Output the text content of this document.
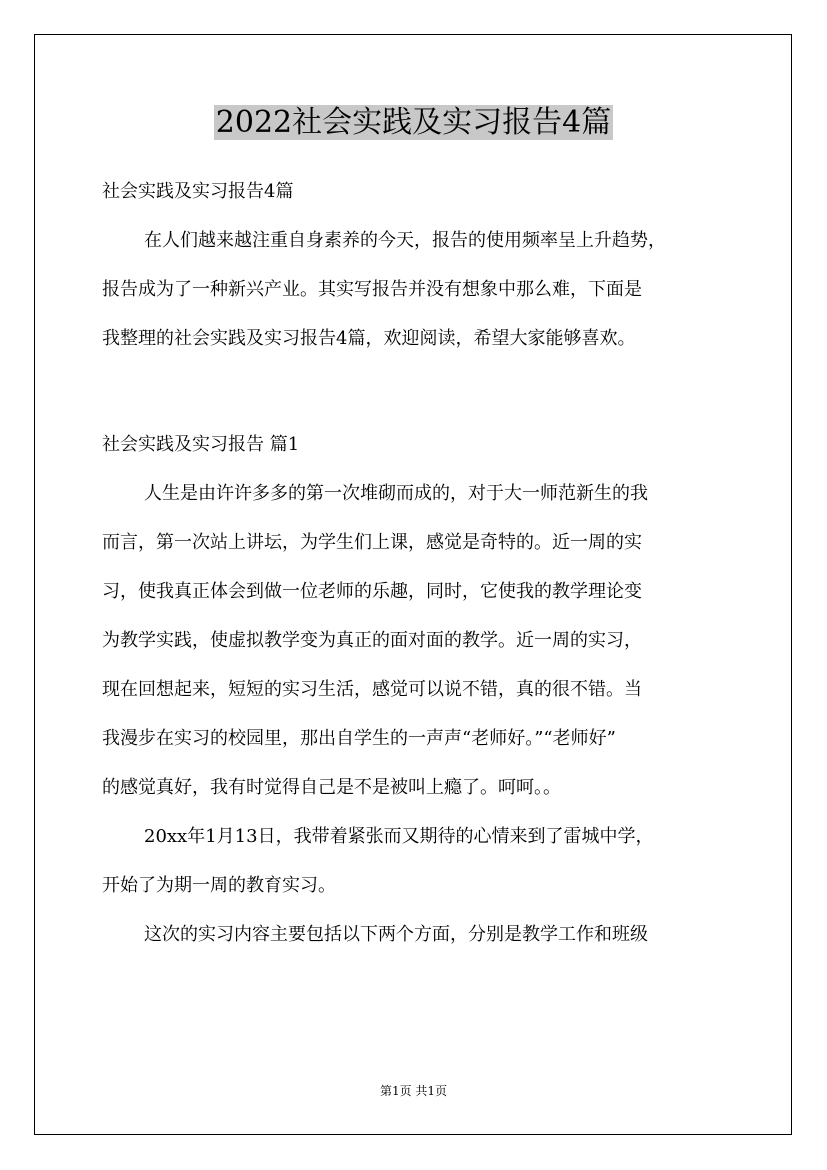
2022社会实践及实习报告4篇

社会实践及实习报告4篇

在人们越来越注重自身素养的今天，报告的使用频率呈上升趋势，

报告成为了一种新兴产业。其实写报告并没有想象中那么难，下面是

我整理的社会实践及实习报告4篇，欢迎阅读，希望大家能够喜欢。

社会实践及实习报告 篇1

人生是由许许多多的第一次堆砌而成的，对于大一师范新生的我

而言，第一次站上讲坛，为学生们上课，感觉是奇特的。近一周的实

习，使我真正体会到做一位老师的乐趣，同时，它使我的教学理论变

为教学实践，使虚拟教学变为真正的面对面的教学。近一周的实习，

现在回想起来，短短的实习生活，感觉可以说不错，真的很不错。当

我漫步在实习的校园里，那出自学生的一声声“老师好。”“老师好”

的感觉真好，我有时觉得自己是不是被叫上瘾了。呵呵。。

20xx年1月13日，我带着紧张而又期待的心情来到了雷城中学，

开始了为期一周的教育实习。

这次的实习内容主要包括以下两个方面，分别是教学工作和班级

第1页 共1页
